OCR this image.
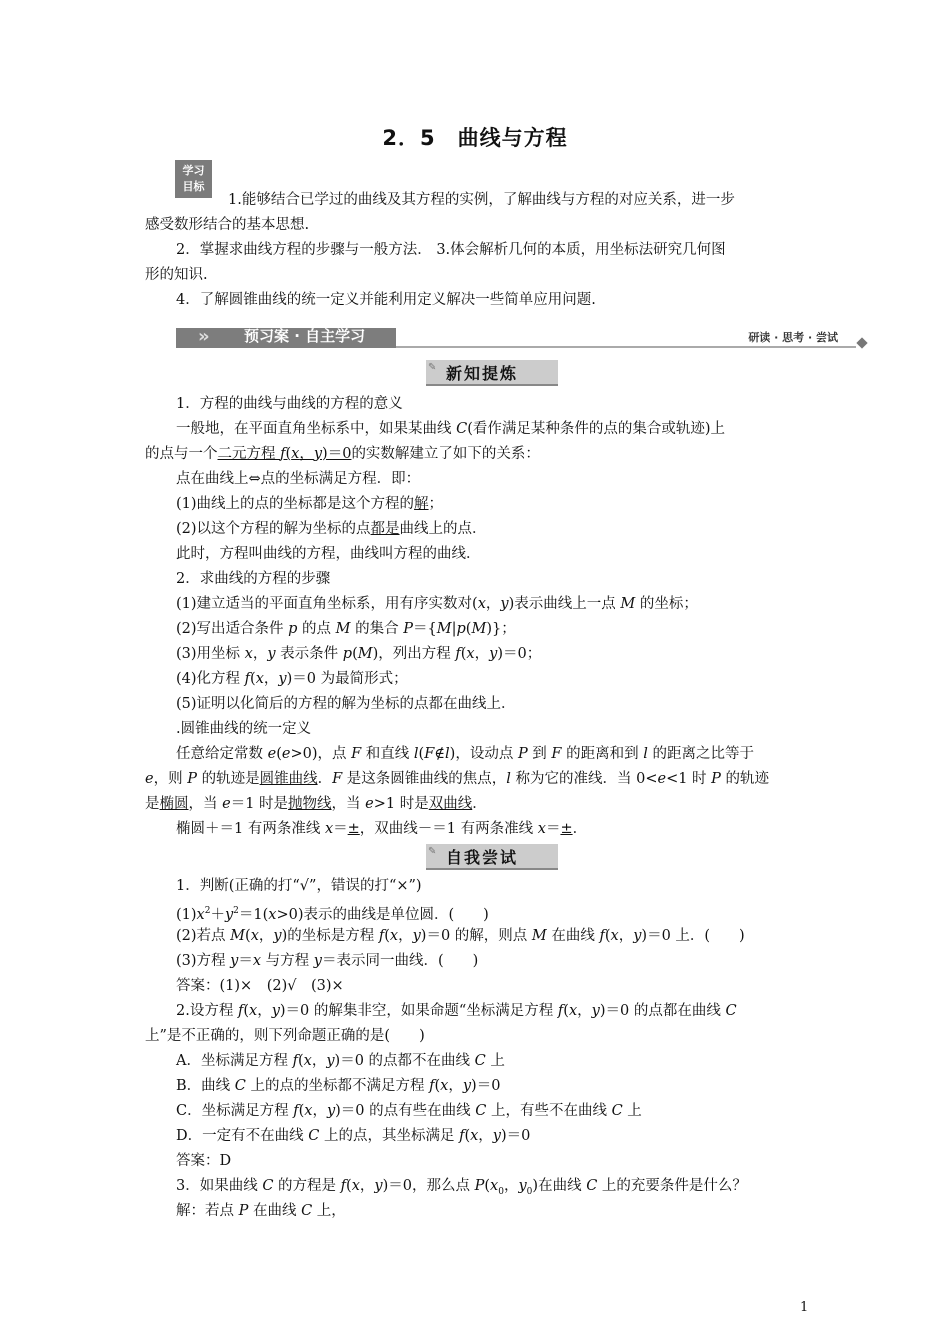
2．5　曲线与方程
学习
目标
1.能够结合已学过的曲线及其方程的实例，了解曲线与方程的对应关系，进一步
感受数形结合的基本思想.
2．掌握求曲线方程的步骤与一般方法． 3.体会解析几何的本质，用坐标法研究几何图
形的知识.
4．了解圆锥曲线的统一定义并能利用定义解决一些简单应用问题.
» 预习案 · 自主学习	研读 · 思考 · 尝试
✎ 新知提炼
1．方程的曲线与曲线的方程的意义
一般地，在平面直角坐标系中，如果某曲线 C(看作满足某种条件的点的集合或轨迹)上
的点与一个二元方程 f(x，y)＝0的实数解建立了如下的关系：
点在曲线上⇔点的坐标满足方程．即：
(1)曲线上的点的坐标都是这个方程的解；
(2)以这个方程的解为坐标的点都是曲线上的点．
此时，方程叫曲线的方程，曲线叫方程的曲线．
2．求曲线的方程的步骤
(1)建立适当的平面直角坐标系，用有序实数对(x，y)表示曲线上一点 M 的坐标；
(2)写出适合条件 p 的点 M 的集合 P＝{M|p(M)}；
(3)用坐标 x，y 表示条件 p(M)，列出方程 f(x，y)＝0；
(4)化方程 f(x，y)＝0 为最简形式；
(5)证明以化简后的方程的解为坐标的点都在曲线上．
.圆锥曲线的统一定义
任意给定常数 e(e>0)，点 F 和直线 l(F∉l)，设动点 P 到 F 的距离和到 l 的距离之比等于
e，则 P 的轨迹是圆锥曲线．F 是这条圆锥曲线的焦点，l 称为它的准线．当 0<e<1 时 P 的轨迹
是椭圆，当 e＝1 时是抛物线，当 e>1 时是双曲线．
椭圆＋＝1 有两条准线 x＝±，双曲线－＝1 有两条准线 x＝±．
✎ 自我尝试
1．判断(正确的打“√”，错误的打“×”)
$(1)x^2+y^2=1(x>0)$表示的曲线是单位圆．(　　)
(2)若点 M(x，y)的坐标是方程 f(x，y)＝0 的解，则点 M 在曲线 f(x，y)＝0 上．(　　)
(3)方程 y＝x 与方程 y＝表示同一曲线．(　　)
答案：(1)×　(2)√　(3)×
2.设方程 f(x，y)＝0 的解集非空，如果命题“坐标满足方程 f(x，y)＝0 的点都在曲线 C
上”是不正确的，则下列命题正确的是(　　)
A．坐标满足方程 f(x，y)＝0 的点都不在曲线 C 上
B．曲线 C 上的点的坐标都不满足方程 f(x，y)＝0
C．坐标满足方程 f(x，y)＝0 的点有些在曲线 C 上，有些不在曲线 C 上
D．一定有不在曲线 C 上的点，其坐标满足 f(x，y)＝0
答案：D
3．如果曲线 C 的方程是 f(x，y)＝0，那么点 $P(x_0$，$y_0$)在曲线 C 上的充要条件是什么？
解：若点 P 在曲线 C 上，
1
